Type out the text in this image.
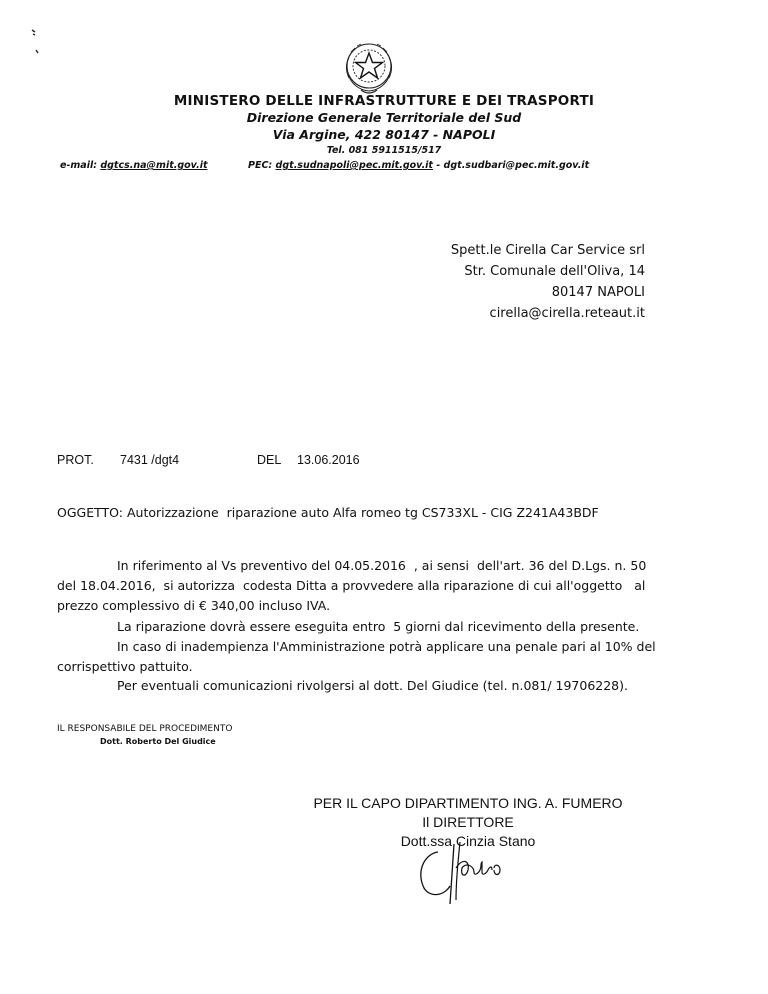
MINISTERO DELLE INFRASTRUTTURE E DEI TRASPORTI
Direzione Generale Territoriale del Sud
Via Argine, 422 80147 - NAPOLI
Tel. 081 5911515/517
e-mail: dgtcs.na@mit.gov.it	PEC: dgt.sudnapoli@pec.mit.gov.it - dgt.sudbari@pec.mit.gov.it
Spett.le Cirella Car Service srl
Str. Comunale dell'Oliva, 14
80147 NAPOLI
cirella@cirella.reteaut.it
PROT. 7431 /dgt4	DEL 13.06.2016
OGGETTO: Autorizzazione  riparazione auto Alfa romeo tg CS733XL - CIG Z241A43BDF
In riferimento al Vs preventivo del 04.05.2016  , ai sensi  dell'art. 36 del D.Lgs. n. 50
del 18.04.2016,  si autorizza  codesta Ditta a provvedere alla riparazione di cui all'oggetto   al
prezzo complessivo di € 340,00 incluso IVA.
La riparazione dovrà essere eseguita entro  5 giorni dal ricevimento della presente.
In caso di inadempienza l'Amministrazione potrà applicare una penale pari al 10% del
corrispettivo pattuito.
Per eventuali comunicazioni rivolgersi al dott. Del Giudice (tel. n.081/ 19706228).
IL RESPONSABILE DEL PROCEDIMENTO
Dott. Roberto Del Giudice
PER IL CAPO DIPARTIMENTO ING. A. FUMERO
Il DIRETTORE
Dott.ssa Cinzia Stano
